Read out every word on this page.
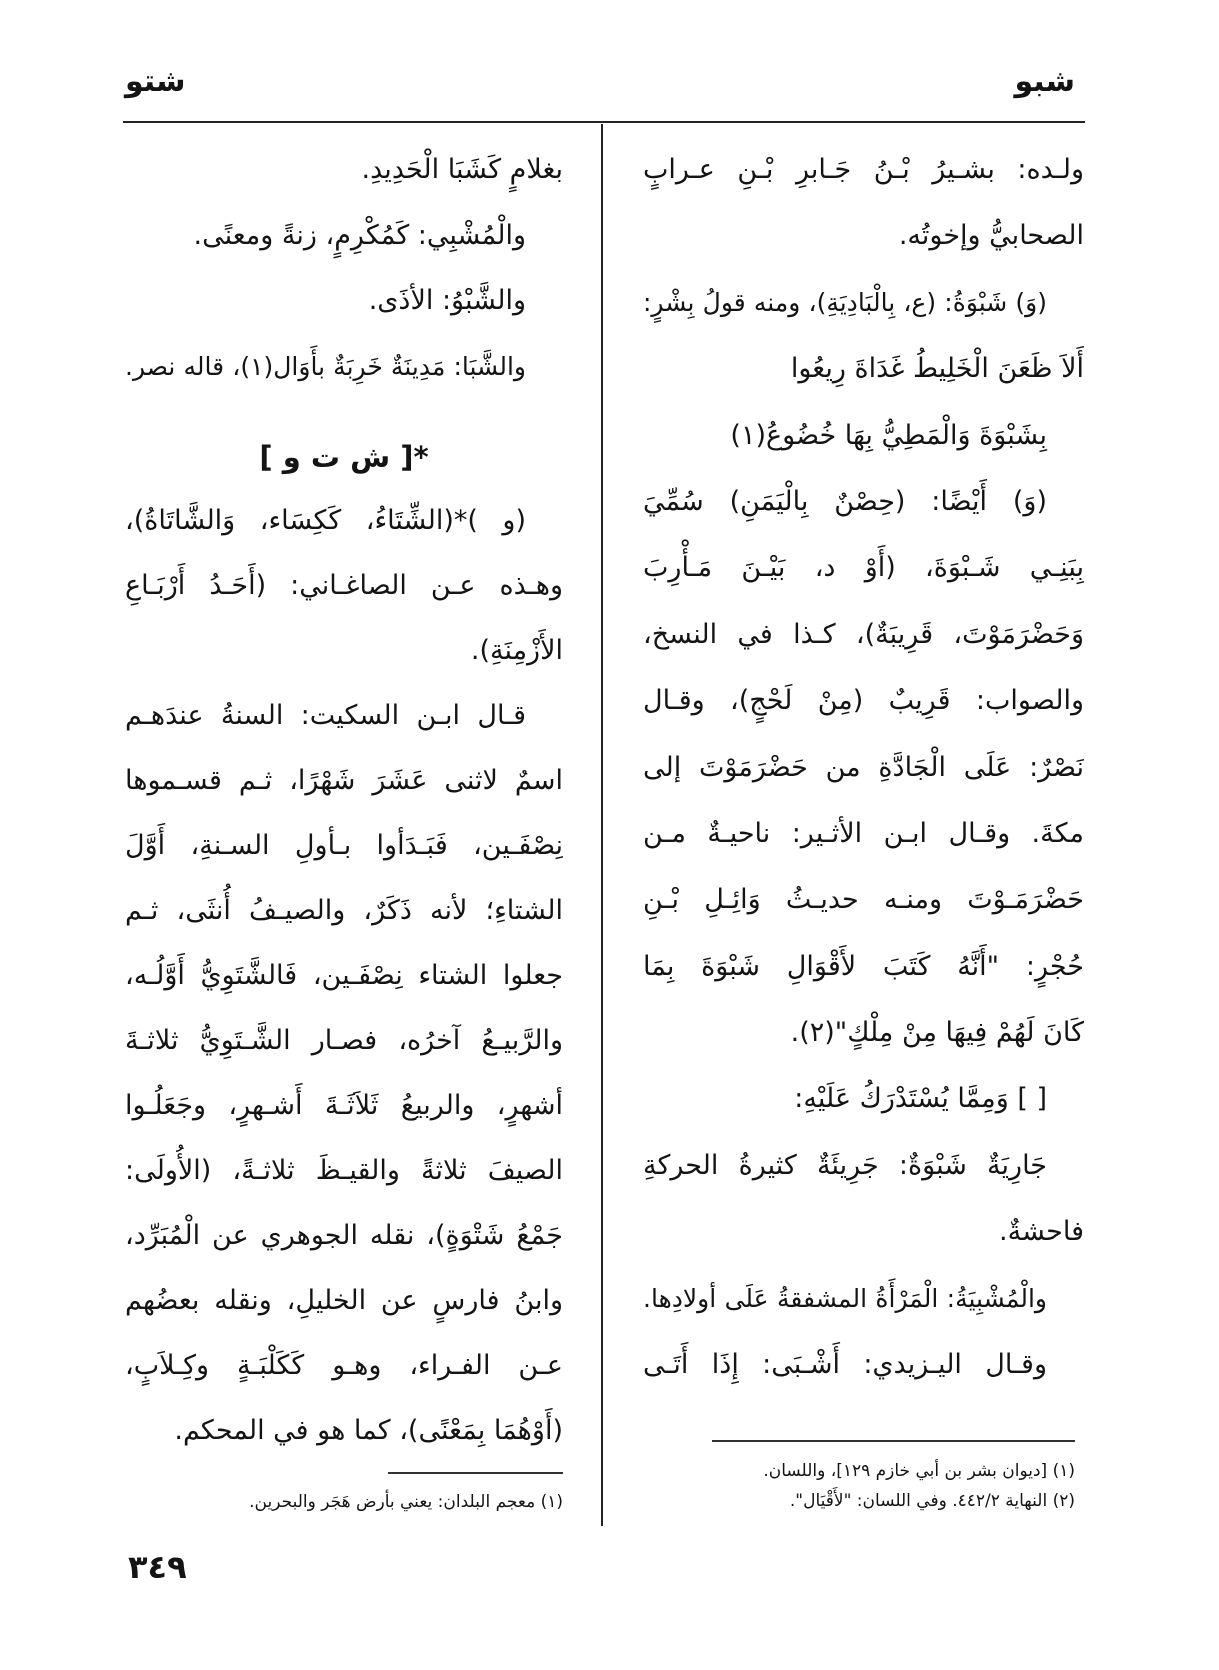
شبو
شتو
ولـده: بشـيرُ بْـنُ جَـابرِ بْـنِ عـرابٍ
الصحابيُّ وإخوتُه.
(وَ) شَبْوَةُ: (ع، بِالْبَادِيَةِ)، ومنه قولُ بِشْرٍ:
أَلاَ ظَعَنَ الْخَلِيطُ غَدَاةَ رِيعُوا
بِشَبْوَةَ وَالْمَطِيُّ بِهَا خُضُوعُ(١)
(وَ) أَيْضًا: (حِصْنٌ بِالْيَمَنِ) سُمِّيَ
بِبَنِـي شَـبْوَةَ، (أَوْ د، بَيْـنَ مَـأْرِبَ
وَحَضْرَمَوْتَ، قَرِيبَةٌ)، كـذا في النسخ،
والصواب: قَرِيبٌ (مِنْ لَحْجٍ)، وقـال
نَصْرٌ: عَلَى الْجَادَّةِ من حَضْرَمَوْتَ إلى
مكةَ. وقـال ابـن الأثـير: ناحيـةٌ مـن
حَضْرَمَـوْتَ ومنـه حديـثُ وَائِـلِ بْـنِ
حُجْرٍ: "أَنَّهُ كَتَبَ لأَقْوَالِ شَبْوَةَ بِمَا
كَانَ لَهُمْ فِيهَا مِنْ مِلْكٍ"(٢).
[ ] وَمِمَّا يُسْتَدْرَكُ عَلَيْهِ:
جَارِيَةٌ شَبْوَةٌ: جَرِيئَةٌ كثيرةُ الحركةِ
فاحشةٌ.
والْمُشْبِيَةُ: الْمَرْأَةُ المشفقةُ عَلَى أولادِها.
وقـال اليـزيدي: أَشْـبَى: إِذَا أَتَـى
بغلامٍ كَشَبَا الْحَدِيدِ.
والْمُشْبِي: كَمُكْرِمٍ، زنةً ومعنًى.
والشَّبْوُ: الأذَى.
والشَّبَا: مَدِينَةٌ خَرِبَةٌ بأَوَال(١)، قاله نصر.
*[ ش ت و ]
(و )*(الشِّتَاءُ، كَكِسَاء، وَالشَّاتَاةُ)،
وهـذه عـن الصاغـاني: (أَحَـدُ أَرْبَـاعِ
الأَزْمِنَةِ).
قـال ابـن السكيت: السنةُ عندَهـم
اسمٌ لاثنى عَشَرَ شَهْرًا، ثـم قسـموها
نِصْفَـين، فَبَـدَأوا بـأولِ السـنةِ، أَوَّلَ
الشتاءِ؛ لأنه ذَكَرٌ، والصيـفُ أُنثَى، ثـم
جعلوا الشتاء نِصْفَـين، فَالشَّتَوِيُّ أَوَّلُـه،
والرَّبيـعُ آخرُه، فصـار الشَّـتَوِيُّ ثلاثـةَ
أشهرٍ، والربيعُ ثَلاَثَـةَ أَشـهرٍ، وجَعَلُـوا
الصيفَ ثلاثةً والقيـظَ ثلاثـةً، (الأُولَى:
جَمْعُ شَتْوَةٍ)، نقله الجوهري عن الْمُبَرِّد،
وابنُ فارسٍ عن الخليلِ، ونقله بعضُهم
عـن الفـراء، وهـو كَكَلْبَـةٍ وكِـلاَبٍ،
(أَوْهُمَا بِمَعْنًى)، كما هو في المحكم.
(١) [ديوان بشر بن أبي خازم ١٢٩]، واللسان.
(٢) النهاية ٤٤٢/٢. وفي اللسان: "لأَقْيَال".
(١) معجم البلدان: يعني بأرض هَجَر والبحرين.
٣٤٩
